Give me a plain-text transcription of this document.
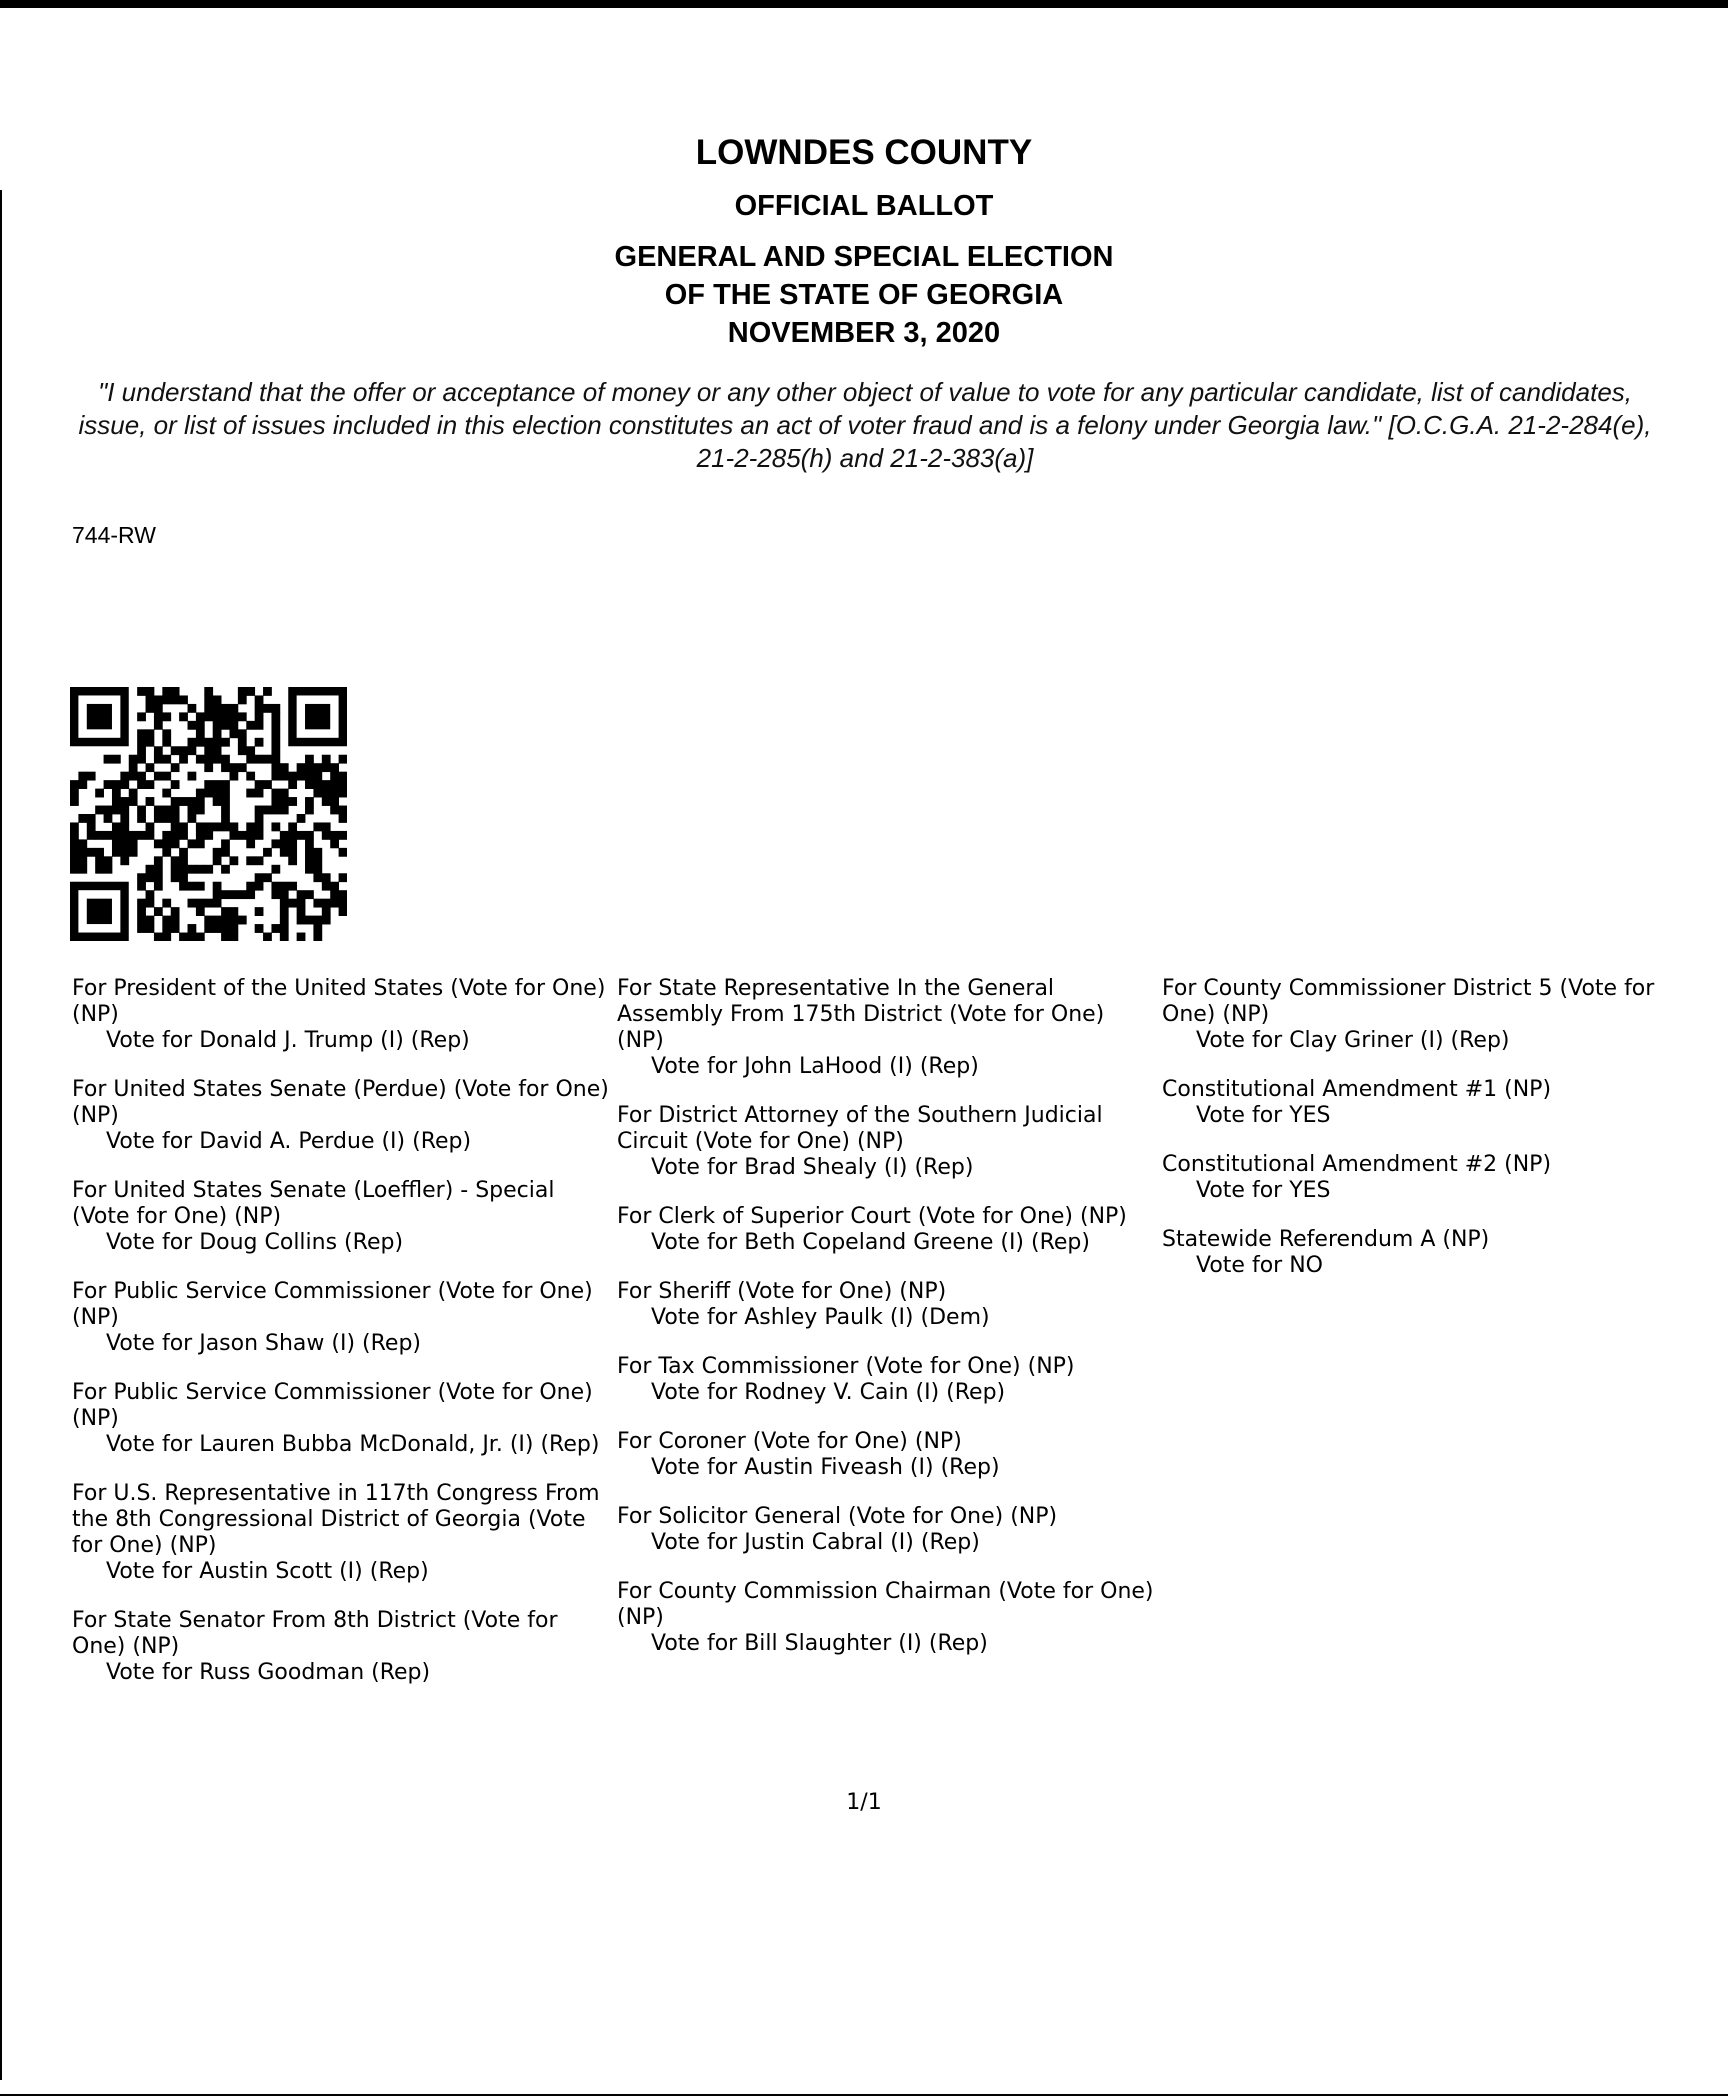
LOWNDES COUNTY
OFFICIAL BALLOT
GENERAL AND SPECIAL ELECTION
OF THE STATE OF GEORGIA
NOVEMBER 3, 2020
"I understand that the offer or acceptance of money or any other object of value to vote for any particular candidate, list of candidates, issue, or list of issues included in this election constitutes an act of voter fraud and is a felony under Georgia law." [O.C.G.A. 21-2-284(e), 21-2-285(h) and 21-2-383(a)]
744-RW
For President of the United States (Vote for One) (NP)
Vote for Donald J. Trump (I) (Rep)
For United States Senate (Perdue) (Vote for One) (NP)
Vote for David A. Perdue (I) (Rep)
For United States Senate (Loeffler) - Special (Vote for One) (NP)
Vote for Doug Collins (Rep)
For Public Service Commissioner (Vote for One) (NP)
Vote for Jason Shaw (I) (Rep)
For Public Service Commissioner (Vote for One) (NP)
Vote for Lauren Bubba McDonald, Jr. (I) (Rep)
For U.S. Representative in 117th Congress From the 8th Congressional District of Georgia (Vote for One) (NP)
Vote for Austin Scott (I) (Rep)
For State Senator From 8th District (Vote for One) (NP)
Vote for Russ Goodman (Rep)
For State Representative In the General Assembly From 175th District (Vote for One) (NP)
Vote for John LaHood (I) (Rep)
For District Attorney of the Southern Judicial Circuit (Vote for One) (NP)
Vote for Brad Shealy (I) (Rep)
For Clerk of Superior Court (Vote for One) (NP)
Vote for Beth Copeland Greene (I) (Rep)
For Sheriff (Vote for One) (NP)
Vote for Ashley Paulk (I) (Dem)
For Tax Commissioner (Vote for One) (NP)
Vote for Rodney V. Cain (I) (Rep)
For Coroner (Vote for One) (NP)
Vote for Austin Fiveash (I) (Rep)
For Solicitor General (Vote for One) (NP)
Vote for Justin Cabral (I) (Rep)
For County Commission Chairman (Vote for One) (NP)
Vote for Bill Slaughter (I) (Rep)
For County Commissioner District 5 (Vote for One) (NP)
Vote for Clay Griner (I) (Rep)
Constitutional Amendment #1 (NP)
Vote for YES
Constitutional Amendment #2 (NP)
Vote for YES
Statewide Referendum A (NP)
Vote for NO
1/1
